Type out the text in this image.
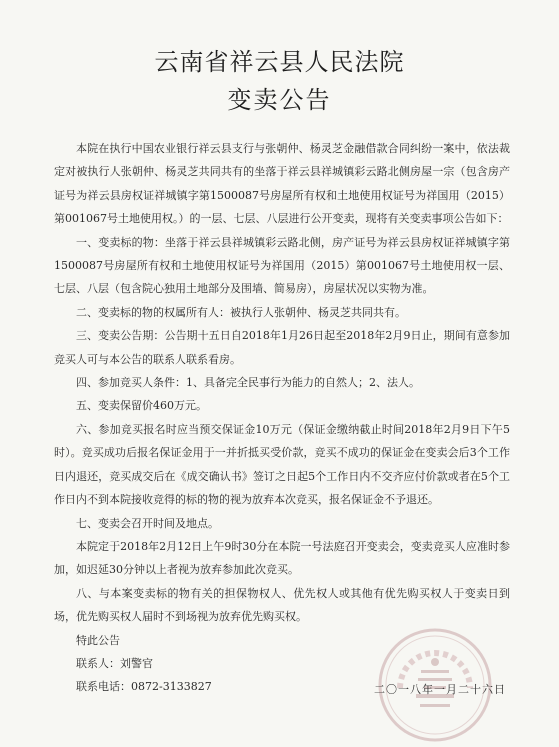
云南省祥云县人民法院
变卖公告

本院在执行中国农业银行祥云县支行与张朝仲、杨灵芝金融借款合同纠纷一案中，依法裁定对被执行人张朝仲、杨灵芝共同共有的坐落于祥云县祥城镇彩云路北侧房屋一宗（包含房产证号为祥云县房权证祥城镇字第1500087号房屋所有权和土地使用权证号为祥国用（2015）第001067号土地使用权。）的一层、七层、八层进行公开变卖，现将有关变卖事项公告如下：

一、变卖标的物：坐落于祥云县祥城镇彩云路北侧，房产证号为祥云县房权证祥城镇字第1500087号房屋所有权和土地使用权证号为祥国用（2015）第001067号土地使用权一层、七层、八层（包含院心独用土地部分及围墙、简易房），房屋状况以实物为准。

二、变卖标的物的权属所有人：被执行人张朝仲、杨灵芝共同共有。

三、变卖公告期：公告期十五日自2018年1月26日起至2018年2月9日止，期间有意参加竞买人可与本公告的联系人联系看房。

四、参加竞买人条件：1、具备完全民事行为能力的自然人；2、法人。

五、变卖保留价460万元。

六、参加竞买报名时应当预交保证金10万元（保证金缴纳截止时间2018年2月9日下午5时）。竞买成功后报名保证金用于一并折抵买受价款，竞买不成功的保证金在变卖会后3个工作日内退还，竞买成交后在《成交确认书》签订之日起5个工作日内不交齐应付价款或者在5个工作日内不到本院接收竞得的标的物的视为放弃本次竞买，报名保证金不予退还。

七、变卖会召开时间及地点。

本院定于2018年2月12日上午9时30分在本院一号法庭召开变卖会，变卖竞买人应准时参加，如迟延30分钟以上者视为放弃参加此次竞买。

八、与本案变卖标的物有关的担保物权人、优先权人或其他有优先购买权人于变卖日到场，优先购买权人届时不到场视为放弃优先购买权。

特此公告

联系人：刘警官

联系电话：0872-3133827	二〇一八年一月二十六日
